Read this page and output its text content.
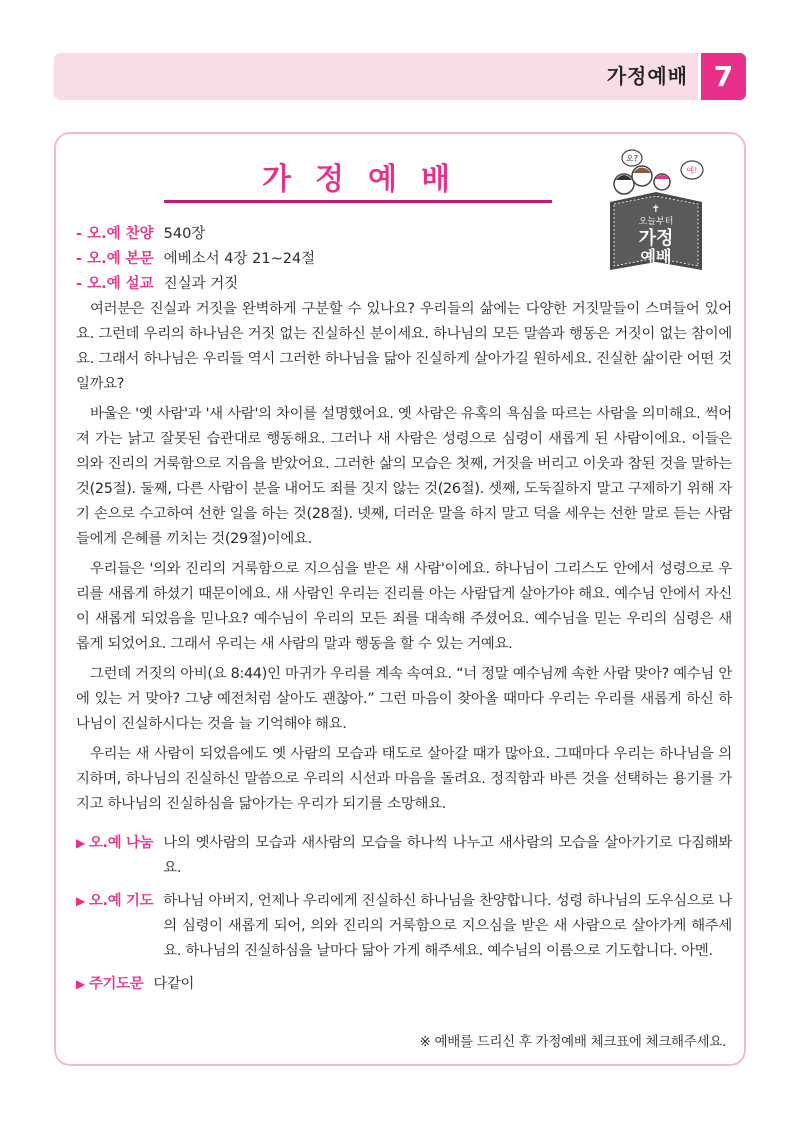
가정예배 7
가정예배
오?
예!
✝
오늘부터
가정
예배
- 오.예 찬양 540장
- 오.예 본문 에베소서 4장 21~24절
- 오.예 설교 진실과 거짓

여러분은 진실과 거짓을 완벽하게 구분할 수 있나요? 우리들의 삶에는 다양한 거짓말들이 스며들어 있어요. 그런데 우리의 하나님은 거짓 없는 진실하신 분이세요. 하나님의 모든 말씀과 행동은 거짓이 없는 참이에요. 그래서 하나님은 우리들 역시 그러한 하나님을 닮아 진실하게 살아가길 원하세요. 진실한 삶이란 어떤 것일까요?

바울은 '옛 사람'과 '새 사람'의 차이를 설명했어요. 옛 사람은 유혹의 욕심을 따르는 사람을 의미해요. 썩어져 가는 낡고 잘못된 습관대로 행동해요. 그러나 새 사람은 성령으로 심령이 새롭게 된 사람이에요. 이들은 의와 진리의 거룩함으로 지음을 받았어요. 그러한 삶의 모습은 첫째, 거짓을 버리고 이웃과 참된 것을 말하는 것(25절). 둘째, 다른 사람이 분을 내어도 죄를 짓지 않는 것(26절). 셋째, 도둑질하지 말고 구제하기 위해 자기 손으로 수고하여 선한 일을 하는 것(28절). 넷째, 더러운 말을 하지 말고 덕을 세우는 선한 말로 듣는 사람들에게 은혜를 끼치는 것(29절)이에요.

우리들은 '의와 진리의 거룩함으로 지으심을 받은 새 사람'이에요. 하나님이 그리스도 안에서 성령으로 우리를 새롭게 하셨기 때문이에요. 새 사람인 우리는 진리를 아는 사람답게 살아가야 해요. 예수님 안에서 자신이 새롭게 되었음을 믿나요? 예수님이 우리의 모든 죄를 대속해 주셨어요. 예수님을 믿는 우리의 심령은 새롭게 되었어요. 그래서 우리는 새 사람의 말과 행동을 할 수 있는 거예요.

그런데 거짓의 아비(요 8:44)인 마귀가 우리를 계속 속여요. “너 정말 예수님께 속한 사람 맞아? 예수님 안에 있는 거 맞아? 그냥 예전처럼 살아도 괜찮아.” 그런 마음이 찾아올 때마다 우리는 우리를 새롭게 하신 하나님이 진실하시다는 것을 늘 기억해야 해요.

우리는 새 사람이 되었음에도 옛 사람의 모습과 태도로 살아갈 때가 많아요. 그때마다 우리는 하나님을 의지하며, 하나님의 진실하신 말씀으로 우리의 시선과 마음을 돌려요. 정직함과 바른 것을 선택하는 용기를 가지고 하나님의 진실하심을 닮아가는 우리가 되기를 소망해요.

▶ 오.예 나눔 나의 옛사람의 모습과 새사람의 모습을 하나씩 나누고 새사람의 모습을 살아가기로 다짐해봐요.
▶ 오.예 기도 하나님 아버지, 언제나 우리에게 진실하신 하나님을 찬양합니다. 성령 하나님의 도우심으로 나의 심령이 새롭게 되어, 의와 진리의 거룩함으로 지으심을 받은 새 사람으로 살아가게 해주세요. 하나님의 진실하심을 날마다 닮아 가게 해주세요. 예수님의 이름으로 기도합니다. 아멘.
▶ 주기도문 다같이
※ 예배를 드리신 후 가정예배 체크표에 체크해주세요.
